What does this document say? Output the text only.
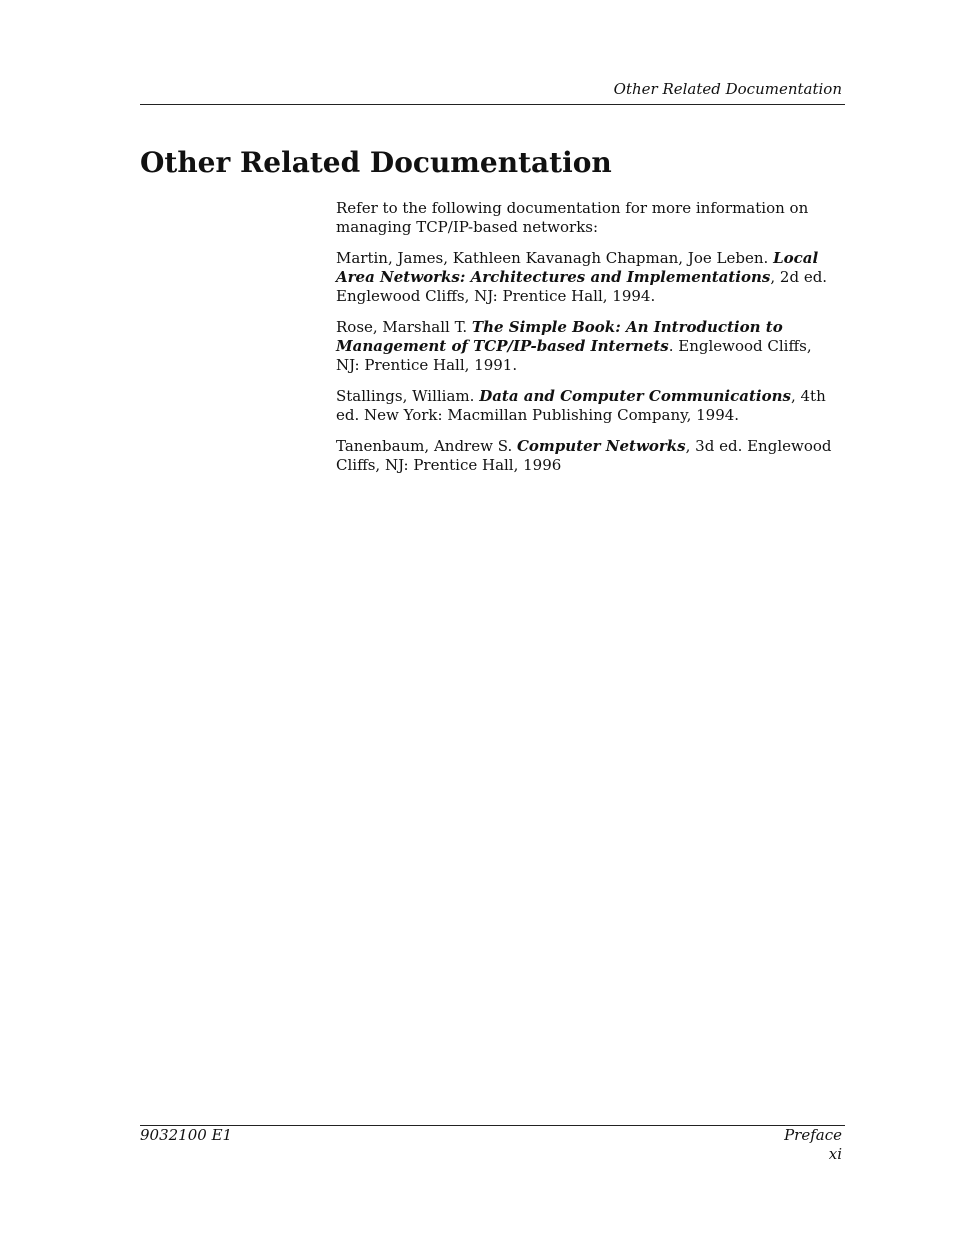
Other Related Documentation
Other Related Documentation

Refer to the following documentation for more information on managing TCP/IP-based networks:

Martin, James, Kathleen Kavanagh Chapman, Joe Leben. Local Area Networks: Architectures and Implementations, 2d ed. Englewood Cliffs, NJ: Prentice Hall, 1994.

Rose, Marshall T. The Simple Book: An Introduction to Management of TCP/IP-based Internets. Englewood Cliffs, NJ: Prentice Hall, 1991.

Stallings, William. Data and Computer Communications, 4th ed. New York: Macmillan Publishing Company, 1994.

Tanenbaum, Andrew S. Computer Networks, 3d ed. Englewood Cliffs, NJ: Prentice Hall, 1996

9032100 E1	Preface
xi
